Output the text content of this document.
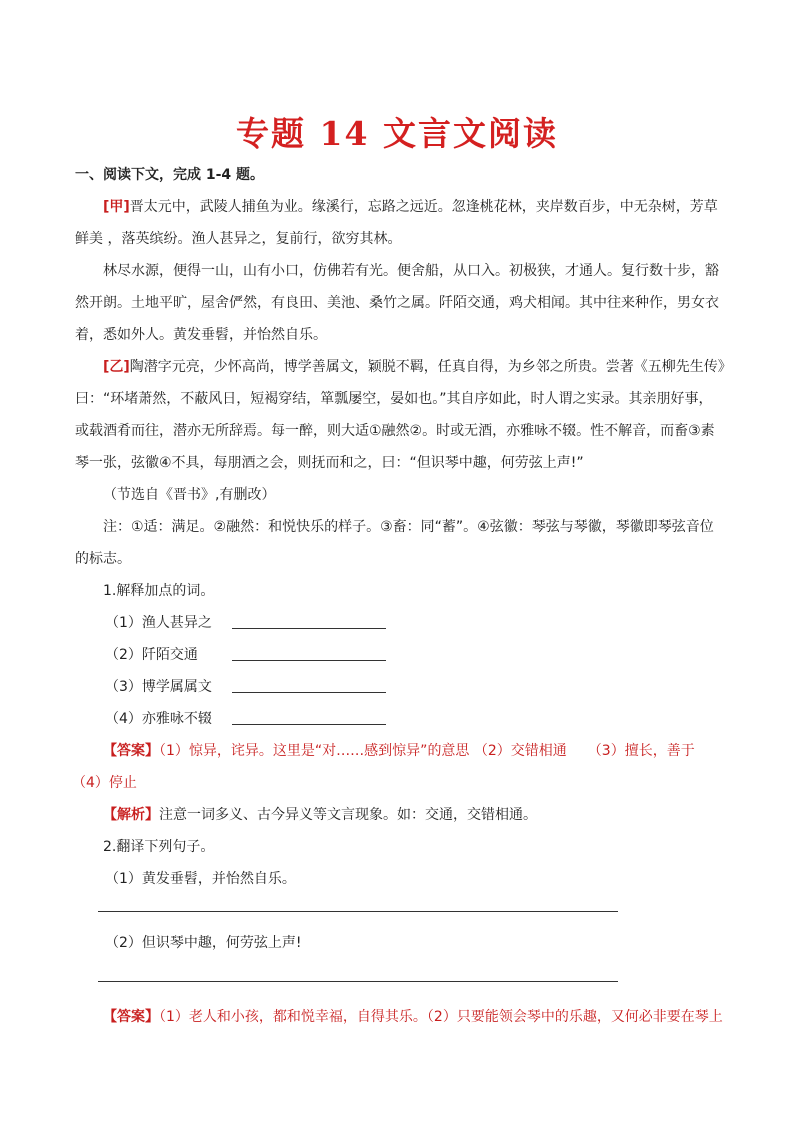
专题 14 文言文阅读
一、阅读下文，完成 1-4 题。
[甲]晋太元中，武陵人捕鱼为业。缘溪行，忘路之远近。忽逢桃花林，夹岸数百步，中无杂树，芳草
鲜美 ，落英缤纷。渔人甚异之，复前行，欲穷其林。
林尽水源，便得一山，山有小口，仿佛若有光。便舍船，从口入。初极狭，才通人。复行数十步，豁
然开朗。土地平旷，屋舍俨然，有良田、美池、桑竹之属。阡陌交通，鸡犬相闻。其中往来种作，男女衣
着，悉如外人。黄发垂髫，并怡然自乐。
[乙]陶潜字元亮，少怀高尚，博学善属文，颖脱不羁，任真自得，为乡邻之所贵。尝著《五柳先生传》
曰：“环堵萧然，不蔽风日，短褐穿结，箪瓢屡空，晏如也。”其自序如此，时人谓之实录。其亲朋好事，
或载酒肴而往，潜亦无所辞焉。每一醉，则大适①融然②。时或无酒，亦雅咏不辍。性不解音，而畜③素
琴一张，弦徽④不具，每朋酒之会，则抚而和之，曰：“但识琴中趣，何劳弦上声!”
（节选自《晋书》,有删改）
注：①适：满足。②融然：和悦快乐的样子。③畜：同“蓄”。④弦徽：琴弦与琴徽，琴徽即琴弦音位
的标志。
1.解释加点的词。
（1）渔人甚异之
（2）阡陌交通
（3）博学属属文
（4）亦雅咏不辍
【答案】（1）惊异，诧异。这里是“对……感到惊异”的意思 （2）交错相通　　（3）擅长，善于
（4）停止
【解析】注意一词多义、古今异义等文言现象。如：交通，交错相通。
2.翻译下列句子。
（1）黄发垂髫，并怡然自乐。
（2）但识琴中趣，何劳弦上声!
【答案】（1）老人和小孩，都和悦幸福，自得其乐。（2）只要能领会琴中的乐趣，又何必非要在琴上
